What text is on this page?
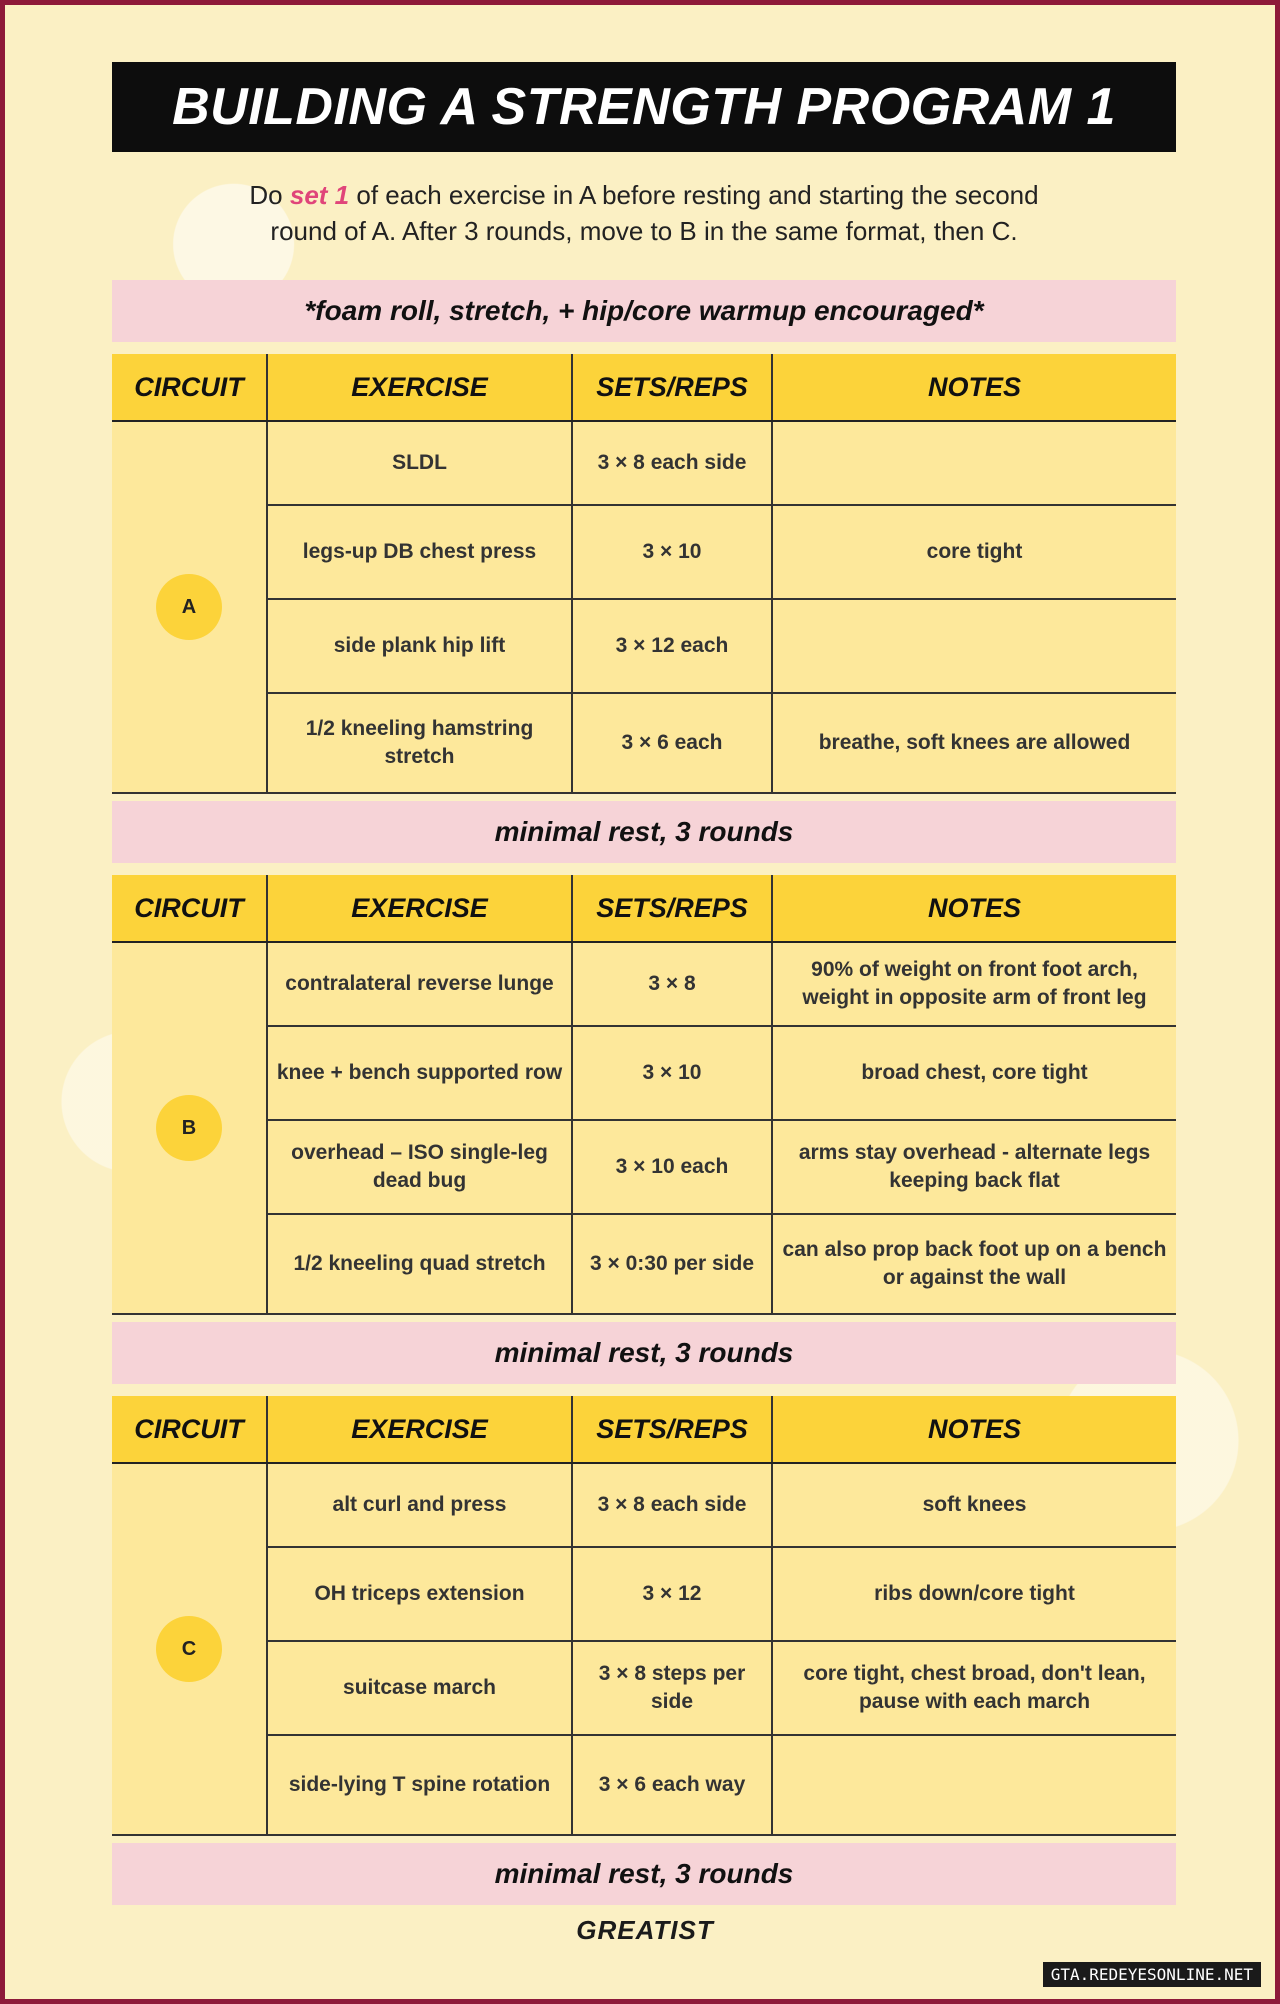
BUILDING A STRENGTH PROGRAM 1
Do set 1 of each exercise in A before resting and starting the second
round of A. After 3 rounds, move to B in the same format, then C.
*foam roll, stretch, + hip/core warmup encouraged*
CIRCUIT	EXERCISE	SETS/REPS	NOTES

A	SLDL	3 × 8 each side	
	legs-up DB chest press	3 × 10	core tight
	side plank hip lift	3 × 12 each	
	1/2 kneeling hamstring stretch	3 × 6 each	breathe, soft knees are allowed
minimal rest, 3 rounds
CIRCUIT	EXERCISE	SETS/REPS	NOTES

B	contralateral reverse lunge	3 × 8	90% of weight on front foot arch, weight in opposite arm of front leg
	knee + bench supported row	3 × 10	broad chest, core tight
	overhead – ISO single-leg dead bug	3 × 10 each	arms stay overhead - alternate legs keeping back flat
	1/2 kneeling quad stretch	3 × 0:30 per side	can also prop back foot up on a bench or against the wall
minimal rest, 3 rounds
CIRCUIT	EXERCISE	SETS/REPS	NOTES

C	alt curl and press	3 × 8 each side	soft knees
	OH triceps extension	3 × 12	ribs down/core tight
	suitcase march	3 × 8 steps per side	core tight, chest broad, don't lean, pause with each march
	side-lying T spine rotation	3 × 6 each way	
minimal rest, 3 rounds
GREATIST
GTA.REDEYESONLINE.NET
